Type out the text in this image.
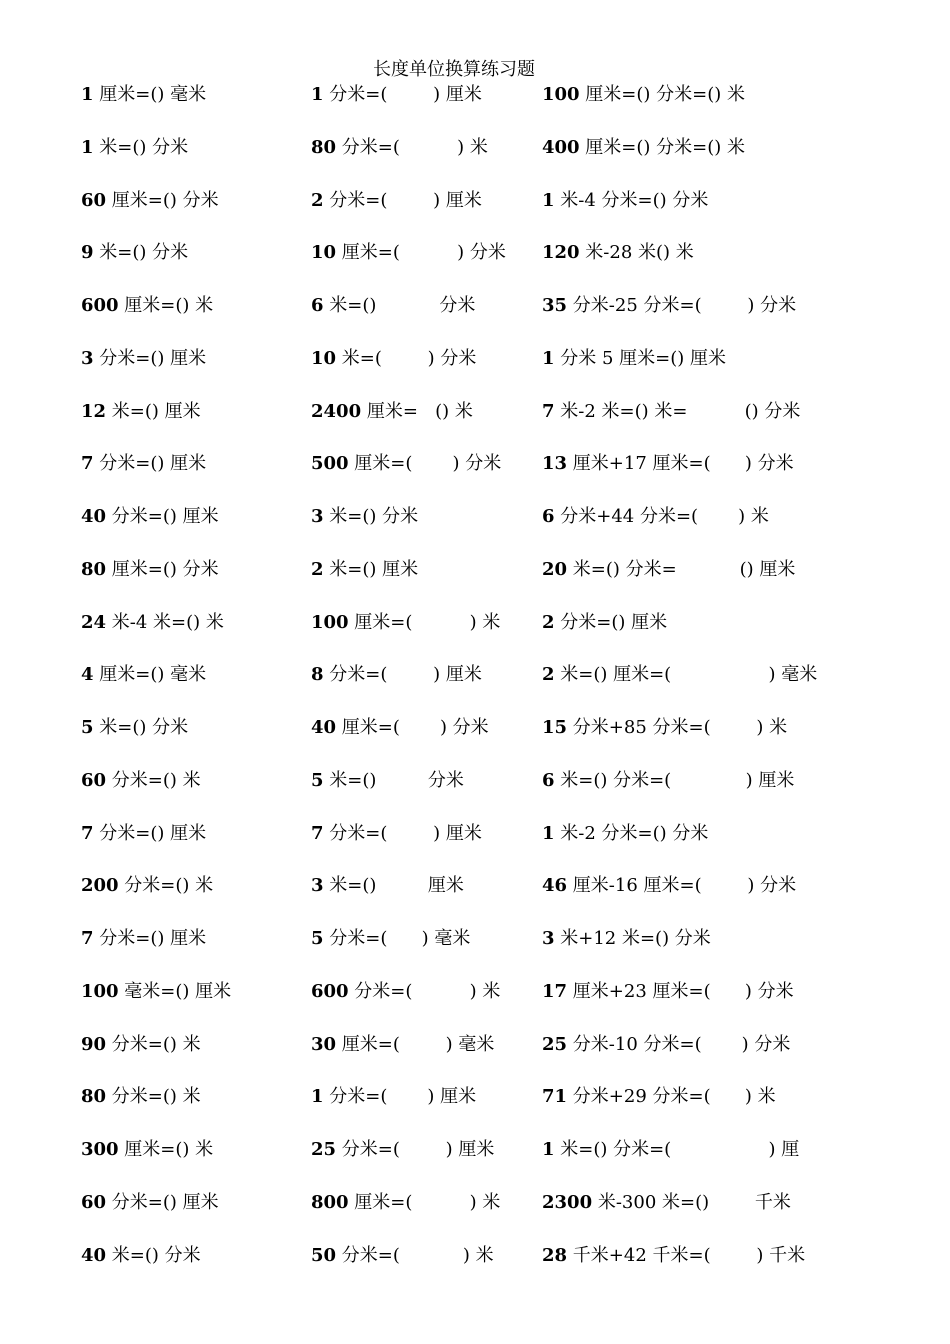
长度单位换算练习题
1 厘米=() 毫米	1 分米=(        ) 厘米	100 厘米=() 分米=() 米
1 米=() 分米	80 分米=(          ) 米	400 厘米=() 分米=() 米
60 厘米=() 分米	2 分米=(        ) 厘米	1 米-4 分米=() 分米
9 米=() 分米	10 厘米=(          ) 分米 120 米-28 米() 米
600 厘米=() 米	6 米=()           分米	35 分米-25 分米=(        ) 分米
3 分米=() 厘米	10 米=(        ) 分米	1 分米 5 厘米=() 厘米
12 米=() 厘米	2400 厘米=   () 米	7 米-2 米=() 米=          () 分米
7 分米=() 厘米	500 厘米=(       ) 分米 13 厘米+17 厘米=(      ) 分米
40 分米=() 厘米	3 米=() 分米	6 分米+44 分米=(       ) 米
80 厘米=() 分米	2 米=() 厘米	20 米=() 分米=           () 厘米
24 米-4 米=() 米	100 厘米=(          ) 米 2 分米=() 厘米
4 厘米=() 毫米	8 分米=(        ) 厘米	2 米=() 厘米=(                 ) 毫米
5 米=() 分米	40 厘米=(       ) 分米	15 分米+85 分米=(        ) 米
60 分米=() 米	5 米=()         分米	6 米=() 分米=(             ) 厘米
7 分米=() 厘米	7 分米=(        ) 厘米	1 米-2 分米=() 分米
200 分米=() 米	3 米=()         厘米	46 厘米-16 厘米=(        ) 分米
7 分米=() 厘米	5 分米=(      ) 毫米	3 米+12 米=() 分米
100 毫米=() 厘米	600 分米=(          ) 米 17 厘米+23 厘米=(      ) 分米
90 分米=() 米	30 厘米=(        ) 毫米	25 分米-10 分米=(       ) 分米
80 分米=() 米	1 分米=(       ) 厘米	71 分米+29 分米=(      ) 米
300 厘米=() 米	25 分米=(        ) 厘米	1 米=() 分米=(                 ) 厘
60 分米=() 厘米	800 厘米=(          ) 米 2300 米-300 米=()        千米
40 米=() 分米	50 分米=(           ) 米	28 千米+42 千米=(        ) 千米
